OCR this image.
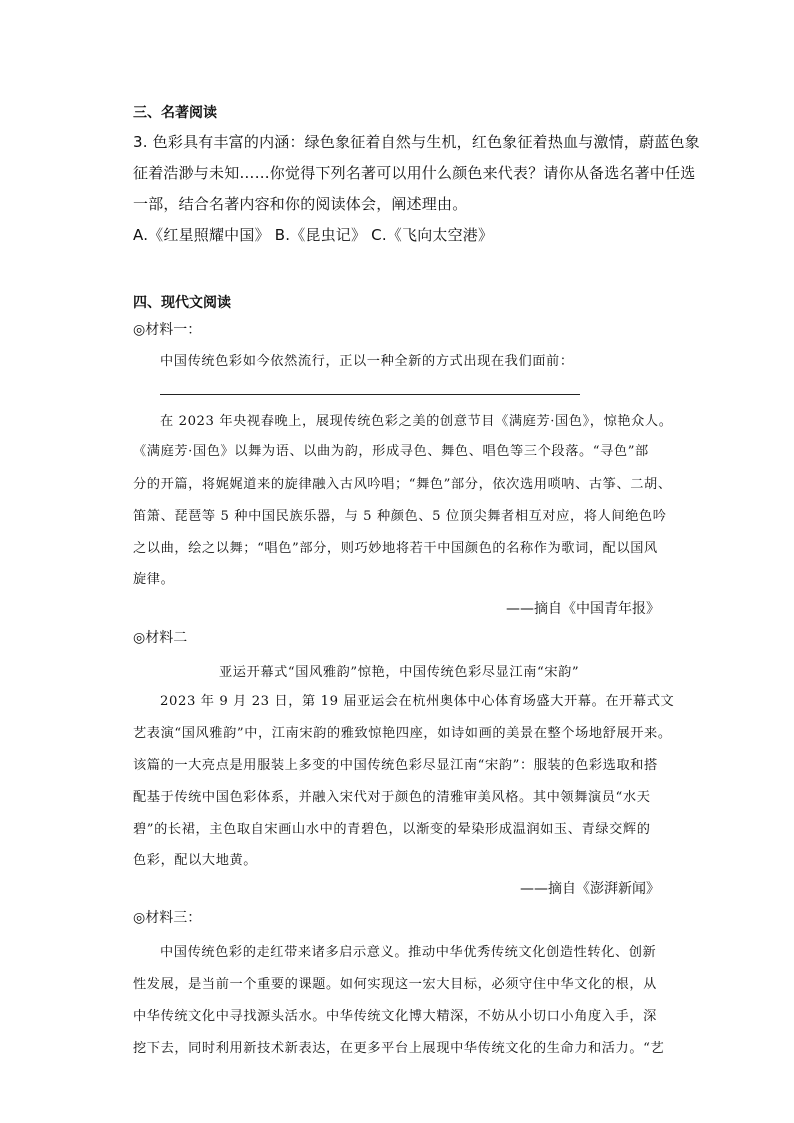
三、名著阅读
3. 色彩具有丰富的内涵：绿色象征着自然与生机，红色象征着热血与激情，蔚蓝色象
征着浩渺与未知……你觉得下列名著可以用什么颜色来代表？请你从备选名著中任选
一部，结合名著内容和你的阅读体会，阐述理由。
A.《红星照耀中国》 B.《昆虫记》 C.《飞向太空港》
四、现代文阅读
◎材料一：
中国传统色彩如今依然流行，正以一种全新的方式出现在我们面前：
在 2023 年央视春晚上，展现传统色彩之美的创意节目《满庭芳·国色》，惊艳众人。
《满庭芳·国色》以舞为语、以曲为韵，形成寻色、舞色、唱色等三个段落。“寻色”部
分的开篇，将娓娓道来的旋律融入古风吟唱；“舞色”部分，依次选用唢呐、古筝、二胡、
笛箫、琵琶等 5 种中国民族乐器，与 5 种颜色、5 位顶尖舞者相互对应，将人间绝色吟
之以曲，绘之以舞；“唱色”部分，则巧妙地将若干中国颜色的名称作为歌词，配以国风
旋律。
——摘自《中国青年报》
◎材料二
亚运开幕式“国风雅韵”惊艳，中国传统色彩尽显江南“宋韵”
2023 年 9 月 23 日，第 19 届亚运会在杭州奥体中心体育场盛大开幕。在开幕式文
艺表演“国风雅韵”中，江南宋韵的雅致惊艳四座，如诗如画的美景在整个场地舒展开来。
该篇的一大亮点是用服装上多变的中国传统色彩尽显江南“宋韵”：服装的色彩选取和搭
配基于传统中国色彩体系，并融入宋代对于颜色的清雅审美风格。其中领舞演员“水天
碧”的长裙，主色取自宋画山水中的青碧色，以渐变的晕染形成温润如玉、青绿交辉的
色彩，配以大地黄。
——摘自《澎湃新闻》
◎材料三：
中国传统色彩的走红带来诸多启示意义。推动中华优秀传统文化创造性转化、创新
性发展，是当前一个重要的课题。如何实现这一宏大目标，必须守住中华文化的根，从
中华传统文化中寻找源头活水。中华传统文化博大精深，不妨从小切口小角度入手，深
挖下去，同时利用新技术新表达，在更多平台上展现中华传统文化的生命力和活力。“艺
